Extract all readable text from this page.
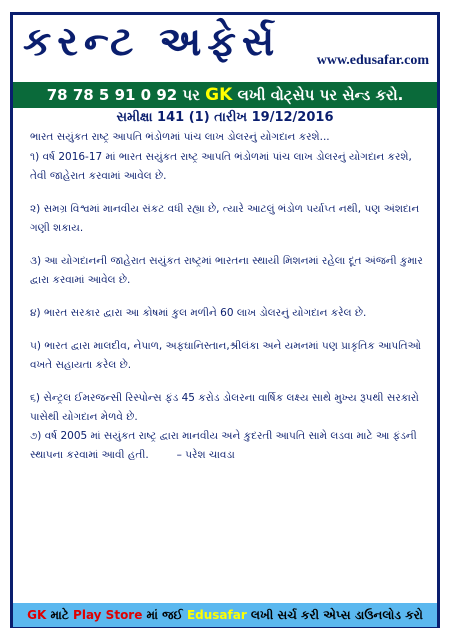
કરન્ટ અફેર્સ	www.edusafar.com
78 78 5 91 0 92 પર GK લખી વોટ્સેપ પર સેન્ડ કરો.
સમીક્ષા 141 (1) તારીખ 19/12/2016

ભારત સયુંકત રાષ્ટ્ર આપતિ ભંડોળમાં પાંચ લાખ ડોલરનું યોગદાન કરશે...

૧) વર્ષ 2016-17 માં ભારત સયુંકત રાષ્ટ્ર આપતિ ભંડોળમાં પાંચ લાખ ડોલરનું યોગદાન કરશે, તેવી જાહેરાત કરવામાં આવેલ છે.

૨) સમગ્ર વિશ્વમાં માનવીય સંકટ વધી રહ્યા છે, ત્યારે આટલું ભંડોળ પર્યાપ્ત નથી, પણ અંશદાન ગણી શકાય.

૩) આ યોગદાનની જાહેરાત સયુંકત રાષ્ટ્રમાં ભારતના સ્થાયી મિશનમાં રહેલા દૂત અંજની કુમાર દ્વારા કરવામાં આવેલ છે.

૪) ભારત સરકાર દ્વારા આ કોષમાં કુલ મળીને 60 લાખ ડોલરનું યોગદાન કરેલ છે.

૫) ભારત દ્વારા માલદીવ, નેપાળ, અફઘાનિસ્તાન,શ્રીલંકા અને યમનમાં પણ પ્રાકૃતિક આપતિઓ વખતે સહાયતા કરેલ છે.

૬) સેન્ટ્રલ ઈમરજન્સી રિસ્પોન્સ ફંડ 45 કરોડ ડોલરના વાર્ષિક લક્ષ્ય સાથે મુખ્ય રૂપથી સરકારો પાસેથી યોગદાન મેળવે છે.

૭) વર્ષ 2005 માં સયુંકત રાષ્ટ્ર દ્વારા માનવીય અને કુદરતી આપતિ સામે લડવા માટે આ ફંડની સ્થાપના કરવામાં આવી હતી.	– પરેશ ચાવડા

GK માટે Play Store માં જઈ Edusafar લખી સર્ચ કરી એપ્સ ડાઉનલોડ કરો
